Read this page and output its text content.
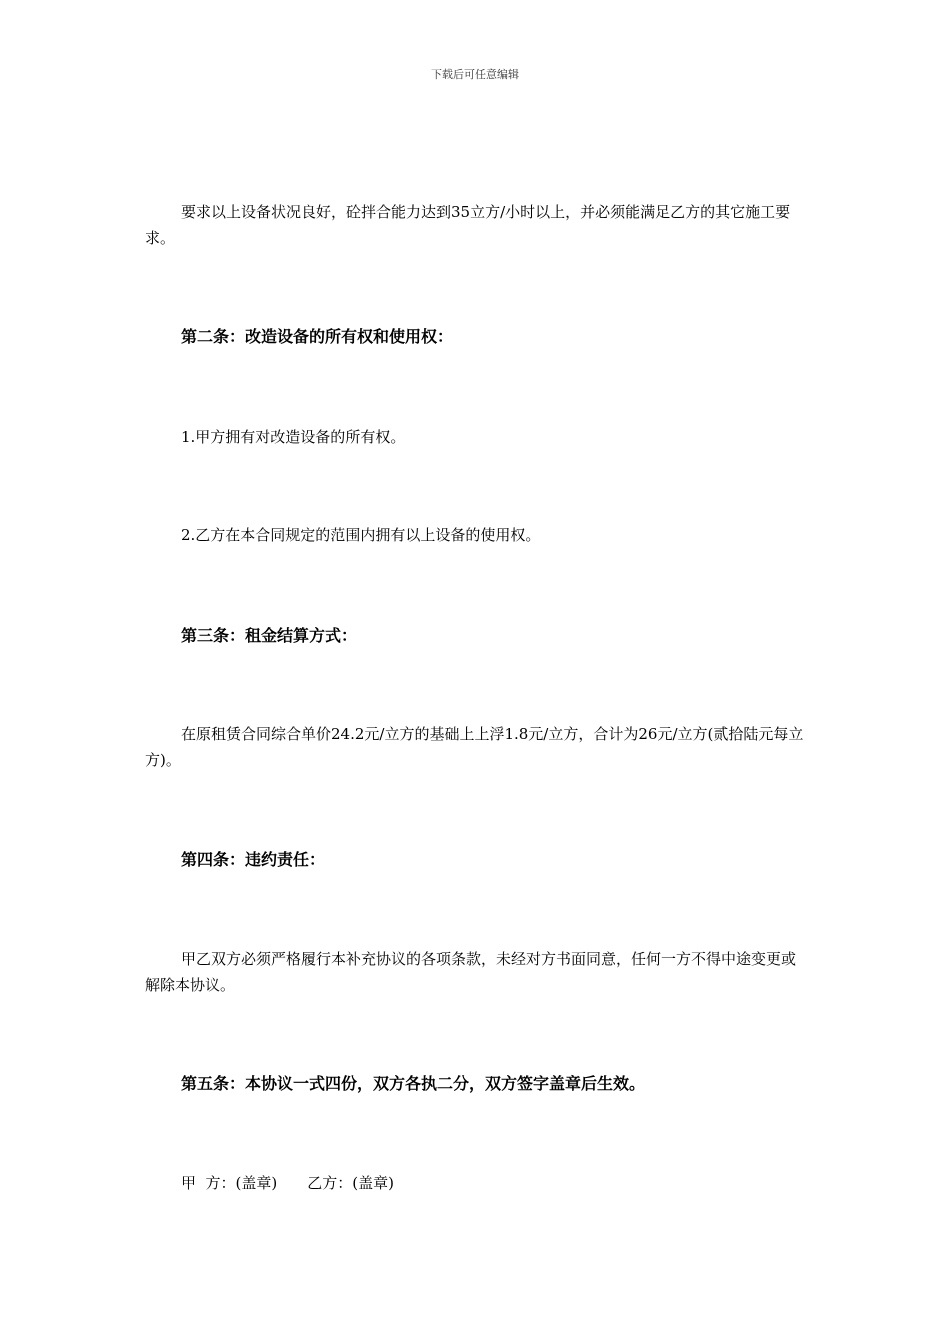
下载后可任意编辑

要求以上设备状况良好，砼拌合能力达到35立方/小时以上，并必须能满足乙方的其它施工要求。

第二条：改造设备的所有权和使用权：

1.甲方拥有对改造设备的所有权。

2.乙方在本合同规定的范围内拥有以上设备的使用权。

第三条：租金结算方式：

在原租赁合同综合单价24.2元/立方的基础上上浮1.8元/立方，合计为26元/立方(贰拾陆元每立方)。

第四条：违约责任：

甲乙双方必须严格履行本补充协议的各项条款，未经对方书面同意，任何一方不得中途变更或解除本协议。

第五条：本协议一式四份，双方各执二分，双方签字盖章后生效。

甲  方：(盖章) 乙方：(盖章)
